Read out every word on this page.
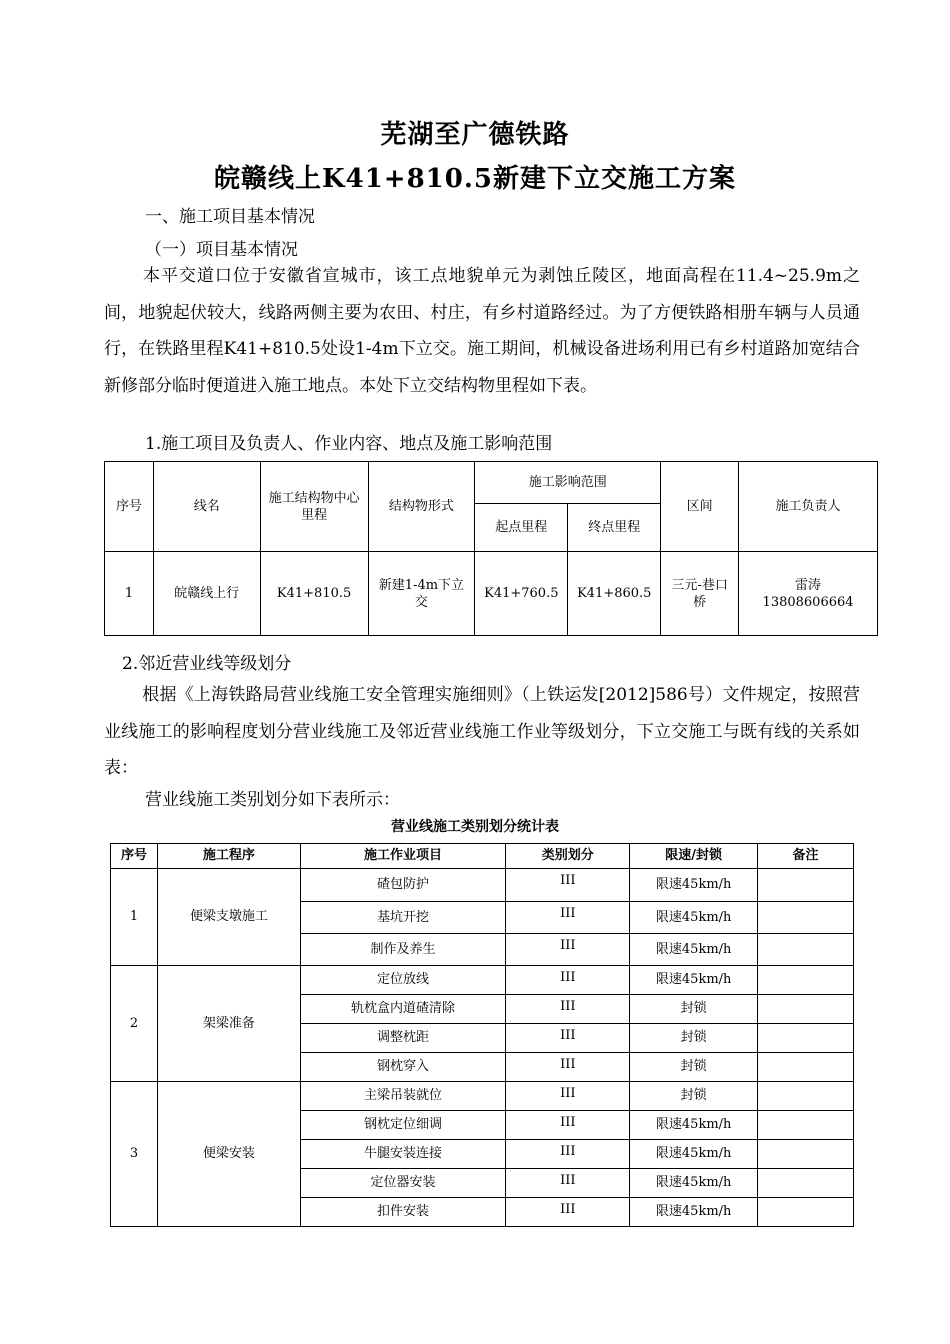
芜湖至广德铁路
皖赣线上K41+810.5新建下立交施工方案
一、施工项目基本情况
（一）项目基本情况
本平交道口位于安徽省宣城市，该工点地貌单元为剥蚀丘陵区，地面高程在11.4~25.9m之间，地貌起伏较大，线路两侧主要为农田、村庄，有乡村道路经过。为了方便铁路相册车辆与人员通行，在铁路里程K41+810.5处设1-4m下立交。施工期间，机械设备进场利用已有乡村道路加宽结合新修部分临时便道进入施工地点。本处下立交结构物里程如下表。
1.施工项目及负责人、作业内容、地点及施工影响范围
序号	线名	施工结构物中心里程	结构物形式	施工影响范围		区间	施工负责人
				起点里程	终点里程		
1	皖赣线上行	K41+810.5	新建1-4m下立交	K41+760.5	K41+860.5	三元-巷口桥	雷涛
13808606664
2.邻近营业线等级划分
根据《上海铁路局营业线施工安全管理实施细则》（上铁运发[2012]586号）文件规定，按照营业线施工的影响程度划分营业线施工及邻近营业线施工作业等级划分，下立交施工与既有线的关系如表：
营业线施工类别划分如下表所示：
营业线施工类别划分统计表
序号	施工程序	施工作业项目	类别划分	限速/封锁	备注
1	便梁支墩施工	碴包防护	III	限速45km/h	
		基坑开挖	III	限速45km/h	
		制作及养生	III	限速45km/h	
2	架梁准备	定位放线	III	限速45km/h	
		轨枕盒内道碴清除	III	封锁	
		调整枕距	III	封锁	
		钢枕穿入	III	封锁	
3	便梁安装	主梁吊装就位	III	封锁	
		钢枕定位细调	III	限速45km/h	
		牛腿安装连接	III	限速45km/h	
		定位器安装	III	限速45km/h	
		扣件安装	III	限速45km/h	
